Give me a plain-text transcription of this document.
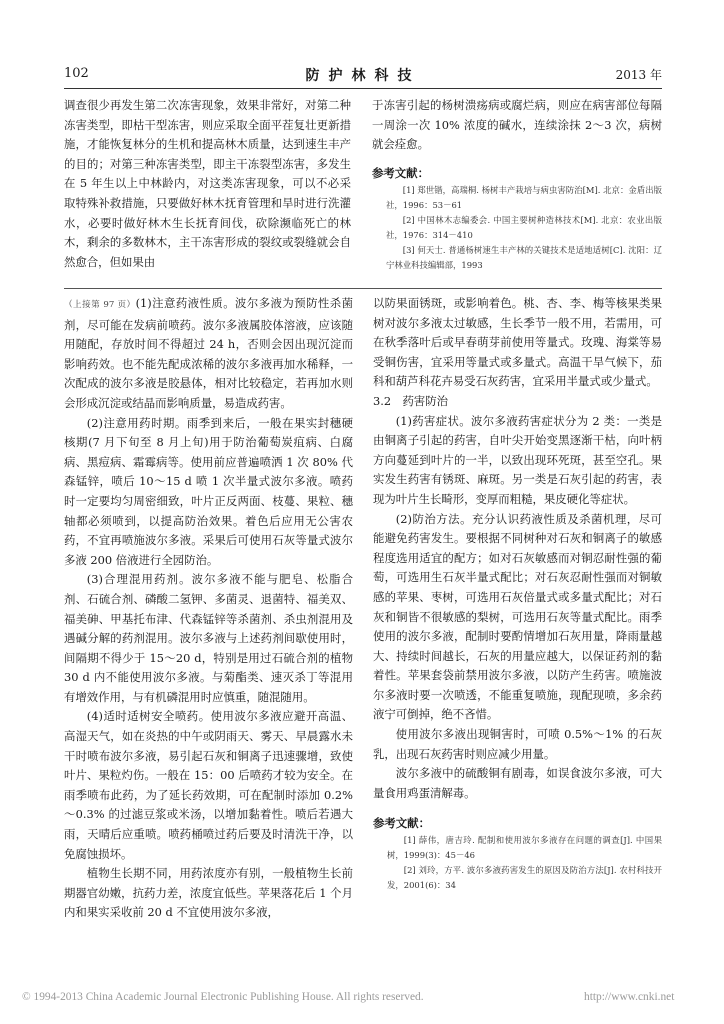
102	防护林科技	2013 年

调查很少再发生第二次冻害现象，效果非常好，对第二种冻害类型，即枯干型冻害，则应采取全面平茬复壮更新措施，才能恢复林分的生机和提高林木质量，达到速生丰产的目的；对第三种冻害类型，即主干冻裂型冻害，多发生在 5 年生以上中林龄内，对这类冻害现象，可以不必采取特殊补救措施，只要做好林木抚育管理和旱时进行洗灌水，必要时做好林木生长抚育间伐，砍除濒临死亡的林木，剩余的多数林木，主干冻害形成的裂纹或裂缝就会自然愈合，但如果由

于冻害引起的杨树溃疡病或腐烂病，则应在病害部位每隔一周涂一次 10% 浓度的碱水，连续涂抹 2～3 次，病树就会痊愈。

参考文献：

[1] 郑世锴，高瑞桐. 杨树丰产栽培与病虫害防治[M]. 北京：金盾出版社，1996：53－61

[2] 中国林木志编委会. 中国主要树种造林技术[M]. 北京：农业出版社，1976：314－410

[3] 何天士. 普通杨树速生丰产林的关键技术是适地适树[C]. 沈阳：辽宁林业科技编辑部，1993

（上接第 97 页）(1)注意药液性质。波尔多液为预防性杀菌剂，尽可能在发病前喷药。波尔多液属胶体溶液，应该随用随配，存放时间不得超过 24 h，否则会因出现沉淀而影响药效。也不能先配成浓稀的波尔多液再加水稀释，一次配成的波尔多液是胶悬体，相对比较稳定，若再加水则会形成沉淀或结晶而影响质量，易造成药害。

(2)注意用药时期。雨季到来后，一般在果实封穗硬核期(7 月下旬至 8 月上旬)用于防治葡萄炭疽病、白腐病、黑痘病、霜霉病等。使用前应普遍喷洒 1 次 80% 代森锰锌，喷后 10～15 d 喷 1 次半量式波尔多液。喷药时一定要均匀周密细致，叶片正反两面、枝蔓、果粒、穗轴都必须喷到，以提高防治效果。着色后应用无公害农药，不宜再喷施波尔多液。采果后可使用石灰等量式波尔多液 200 倍液进行全园防治。

(3)合理混用药剂。波尔多液不能与肥皂、松脂合剂、石硫合剂、磷酸二氢钾、多菌灵、退菌特、福美双、福美砷、甲基托布津、代森锰锌等杀菌剂、杀虫剂混用及遇碱分解的药剂混用。波尔多液与上述药剂间歇使用时，间隔期不得少于 15～20 d，特别是用过石硫合剂的植物 30 d 内不能使用波尔多液。与菊酯类、速灭杀丁等混用有增效作用，与有机磷混用时应慎重，随混随用。

(4)适时适树安全喷药。使用波尔多液应避开高温、高湿天气，如在炎热的中午或阴雨天、雾天、早晨露水未干时喷布波尔多液，易引起石灰和铜离子迅速骤增，致使叶片、果粒灼伤。一般在 15：00 后喷药才较为安全。在雨季喷布此药，为了延长药效期，可在配制时添加 0.2%～0.3% 的过滤豆浆或米汤，以增加黏着性。喷后若遇大雨，天晴后应重喷。喷药桶喷过药后要及时清洗干净，以免腐蚀损坏。

植物生长期不同，用药浓度亦有别，一般植物生长前期器官幼嫩，抗药力差，浓度宜低些。苹果落花后 1 个月内和果实采收前 20 d 不宜使用波尔多液，

以防果面锈斑，或影响着色。桃、杏、李、梅等核果类果树对波尔多液太过敏感，生长季节一般不用，若需用，可在秋季落叶后或早春萌芽前使用等量式。玫瑰、海棠等易受铜伤害，宜采用等量式或多量式。高温干旱气候下，茄科和葫芦科花卉易受石灰药害，宜采用半量式或少量式。

3.2　药害防治

(1)药害症状。波尔多液药害症状分为 2 类：一类是由铜离子引起的药害，自叶尖开始变黑逐渐干枯，向叶柄方向蔓延到叶片的一半，以致出现环死斑，甚至空孔。果实发生药害有锈斑、麻斑。另一类是石灰引起的药害，表现为叶片生长畸形，变厚而粗糙，果皮硬化等症状。

(2)防治方法。充分认识药液性质及杀菌机理，尽可能避免药害发生。要根据不同树种对石灰和铜离子的敏感程度选用适宜的配方；如对石灰敏感而对铜忍耐性强的葡萄，可选用生石灰半量式配比；对石灰忍耐性强而对铜敏感的苹果、枣树，可选用石灰倍量式或多量式配比；对石灰和铜皆不很敏感的梨树，可选用石灰等量式配比。雨季使用的波尔多液，配制时要酌情增加石灰用量，降雨量越大、持续时间越长，石灰的用量应越大，以保证药剂的黏着性。苹果套袋前禁用波尔多液，以防产生药害。喷施波尔多液时要一次喷透，不能重复喷施，现配现喷，多余药液宁可倒掉，绝不吝惜。

使用波尔多液出现铜害时，可喷 0.5%～1% 的石灰乳，出现石灰药害时则应减少用量。

波尔多液中的硫酸铜有剧毒，如误食波尔多液，可大量食用鸡蛋清解毒。

参考文献：

[1] 薛伟，唐吉玲. 配制和使用波尔多液存在问题的调查[J]. 中国果树，1999(3)：45－46

[2] 刘玲，方平. 波尔多液药害发生的原因及防治方法[J]. 农村科技开发，2001(6)：34

© 1994-2013 China Academic Journal Electronic Publishing House. All rights reserved.	http://www.cnki.net
